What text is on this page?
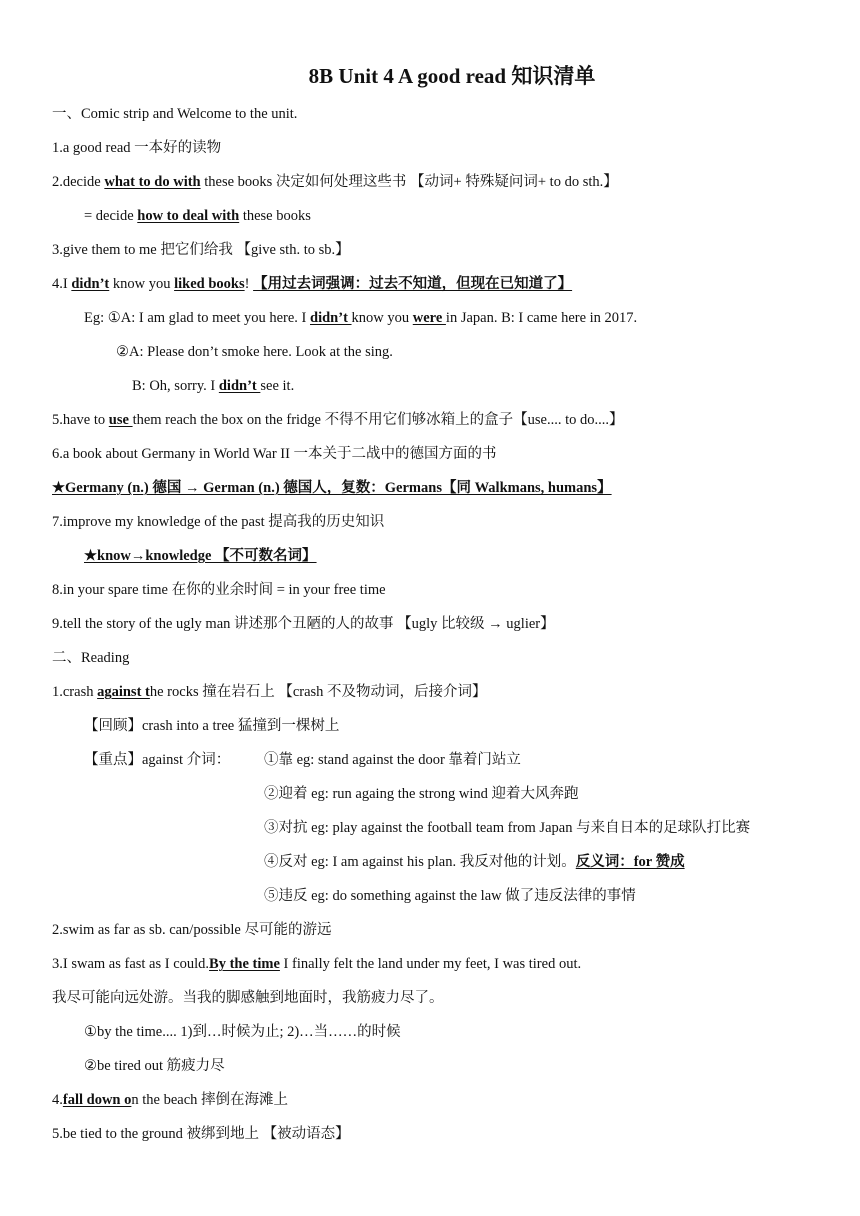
8B Unit 4 A good read 知识清单
一、Comic strip and Welcome to the unit.
1.a good read 一本好的读物
2.decide what to do with these books 决定如何处理这些书 【动词+ 特殊疑问词+ to do sth.】
= decide how to deal with these books
3.give them to me 把它们给我 【give sth. to sb.】
4.I didn’t know you liked books! 【用过去词强调：过去不知道，但现在已知道了】
Eg: ①A: I am glad to meet you here. I didn’t know you were in Japan. B: I came here in 2017.
②A: Please don’t smoke here. Look at the sing.
B: Oh, sorry. I didn’t see it.
5.have to use them reach the box on the fridge 不得不用它们够冰箱上的盒子【use.... to do....】
6.a book about Germany in World War II 一本关于二战中的德国方面的书
★Germany (n.) 德国 → German (n.) 德国人，复数：Germans【同 Walkmans, humans】
7.improve my knowledge of the past 提高我的历史知识
★know→knowledge 【不可数名词】
8.in your spare time 在你的业余时间 = in your free time
9.tell the story of the ugly man 讲述那个丑陋的人的故事 【ugly 比较级 → uglier】
二、Reading
1.crash against the rocks 撞在岩石上 【crash 不及物动词，后接介词】
【回顾】crash into a tree 猛撞到一棵树上
【重点】against 介词： ①靠 eg: stand against the door 靠着门站立
②迎着 eg: run againg the strong wind 迎着大风奔跑
③对抗 eg: play against the football team from Japan 与来自日本的足球队打比赛
④反对 eg: I am against his plan. 我反对他的计划。反义词：for 赞成
⑤违反 eg: do something against the law 做了违反法律的事情
2.swim as far as sb. can/possible 尽可能的游远
3.I swam as fast as I could.By the time I finally felt the land under my feet, I was tired out.
我尽可能向远处游。当我的脚感触到地面时，我筋疲力尽了。
①by the time.... 1)到…时候为止; 2)…当……的时候
②be tired out 筋疲力尽
4.fall down on the beach 摔倒在海滩上
5.be tied to the ground 被绑到地上 【被动语态】
